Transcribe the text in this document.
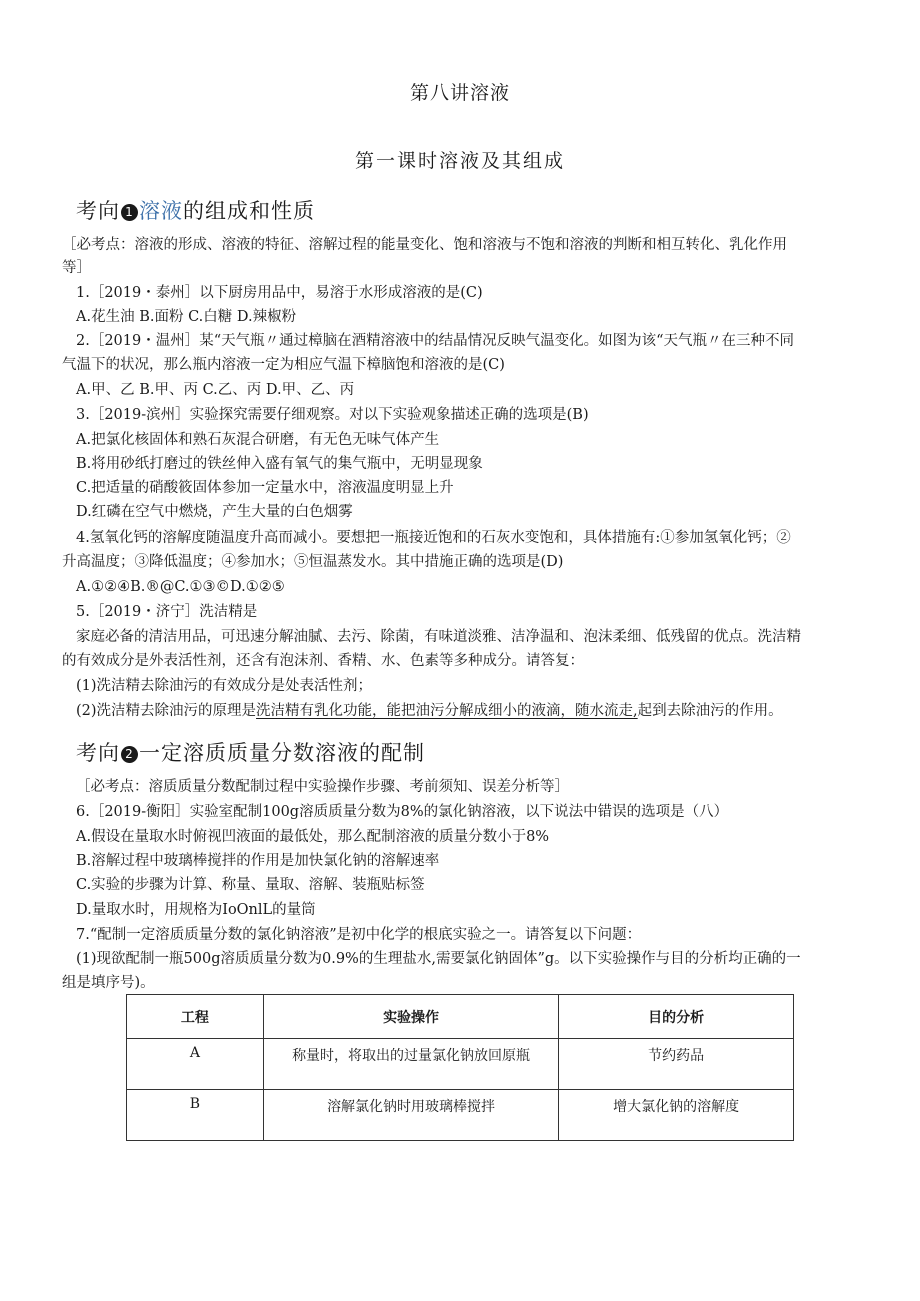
第八讲溶液
第一课时溶液及其组成
考向 1 溶液的组成和性质
［必考点：溶液的形成、溶液的特征、溶解过程的能量变化、饱和溶液与不饱和溶液的判断和相互转化、乳化作用
等］
1.［2019・泰州］以下厨房用品中，易溶于水形成溶液的是(C)
A.花生油 B.面粉 C.白糖 D.辣椒粉
2.［2019・温州］某“天气瓶〃通过樟脑在酒精溶液中的结晶情况反映气温变化。如图为该“天气瓶〃在三种不同
气温下的状况，那么瓶内溶液一定为相应气温下樟脑饱和溶液的是(C)
A.甲、乙 B.甲、丙 C.乙、丙 D.甲、乙、丙
3.［2019-滨州］实验探究需要仔细观察。对以下实验观象描述正确的选项是(B)
A.把氯化核固体和熟石灰混合研磨，有无色无味气体产生
B.将用砂纸打磨过的铁丝伸入盛有氧气的集气瓶中，无明显现象
C.把适量的硝酸筱固体参加一定量水中，溶液温度明显上升
D.红磷在空气中燃烧，产生大量的白色烟雾
4.氢氧化钙的溶解度随温度升高而减小。要想把一瓶接近饱和的石灰水变饱和，具体措施有:①参加氢氧化钙；②
升高温度；③降低温度；④参加水；⑤恒温蒸发水。其中措施正确的选项是(D)
A.①②④B.®@C.①③©D.①②⑤
5.［2019・济宁］洗洁精是
家庭必备的清洁用品，可迅速分解油腻、去污、除菌，有味道淡雅、洁净温和、泡沫柔细、低残留的优点。洗洁精
的有效成分是外表活性剂，还含有泡沫剂、香精、水、色素等多种成分。请答复：
(1)洗洁精去除油污的有效成分是处表活性剂；
(2)洗洁精去除油污的原理是洗洁精有乳化功能，能把油污分解成细小的液滴，随水流走,起到去除油污的作用。
考向 2 一定溶质质量分数溶液的配制
［必考点：溶质质量分数配制过程中实验操作步骤、考前须知、误差分析等］
6.［2019-衡阳］实验室配制100g溶质质量分数为8%的氯化钠溶液，以下说法中错误的选项是（八）
A.假设在量取水时俯视凹液面的最低处，那么配制溶液的质量分数小于8%
B.溶解过程中玻璃棒搅拌的作用是加快氯化钠的溶解速率
C.实验的步骤为计算、称量、量取、溶解、装瓶贴标签
D.量取水时，用规格为IoOnlL的量筒
7.“配制一定溶质质量分数的氯化钠溶液”是初中化学的根底实验之一。请答复以下问题：
(1)现欲配制一瓶500g溶质质量分数为0.9%的生理盐水,需要氯化钠固体”g。以下实验操作与目的分析均正确的一
组是填序号)。
工程	实验操作	目的分析
A	称量时，将取出的过量氯化钠放回原瓶	节约药品
B	溶解氯化钠时用玻璃棒搅拌	增大氯化钠的溶解度
